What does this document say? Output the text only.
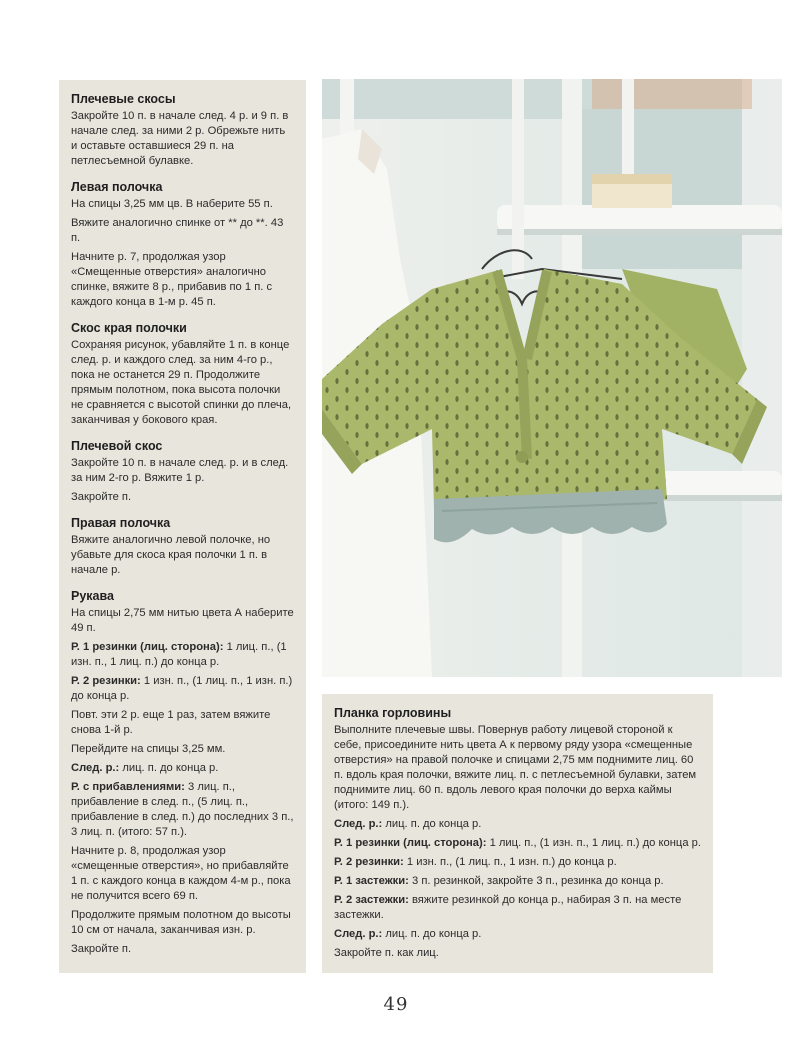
Плечевые скосы
Закройте 10 п. в начале след. 4 р. и 9 п. в начале след. за ними 2 р. Обрежьте нить и оставьте оставшиеся 29 п. на петлесъемной булавке.
Левая полочка
На спицы 3,25 мм цв. В наберите 55 п.
Вяжите аналогично спинке от ** до **. 43 п.
Начните р. 7, продолжая узор «Смещенные отверстия» аналогично спинке, вяжите 8 р., прибавив по 1 п. с каждого конца в 1-м р. 45 п.
Скос края полочки
Сохраняя рисунок, убавляйте 1 п. в конце след. р. и каждого след. за ним 4-го р., пока не останется 29 п. Продолжите прямым полотном, пока высота полочки не сравняется с высотой спинки до плеча, заканчивая у бокового края.
Плечевой скос
Закройте 10 п. в начале след. р. и в след. за ним 2-го р. Вяжите 1 р.
Закройте п.
Правая полочка
Вяжите аналогично левой полочке, но убавьте для скоса края полочки 1 п. в начале р.
Рукава
На спицы 2,75 мм нитью цвета А наберите 49 п.
Р. 1 резинки (лиц. сторона): 1 лиц. п., (1 изн. п., 1 лиц. п.) до конца р.
Р. 2 резинки: 1 изн. п., (1 лиц. п., 1 изн. п.) до конца р.
Повт. эти 2 р. еще 1 раз, затем вяжите снова 1-й р.
Перейдите на спицы 3,25 мм.
След. р.: лиц. п. до конца р.
Р. с прибавлениями: 3 лиц. п., прибавление в след. п., (5 лиц. п., прибавление в след. п.) до последних 3 п., 3 лиц. п. (итого: 57 п.).
Начните р. 8, продолжая узор «смещенные отверстия», но прибавляйте 1 п. с каждого конца в каждом 4-м р., пока не получится всего 69 п.
Продолжите прямым полотном до высоты 10 см от начала, заканчивая изн. р.
Закройте п.
Планка горловины
Выполните плечевые швы. Повернув работу лицевой стороной к себе, присоедините нить цвета А к первому ряду узора «смещенные отверстия» на правой полочке и спицами 2,75 мм поднимите лиц. 60 п. вдоль края полочки, вяжите лиц. п. с петлесъемной булавки, затем поднимите лиц. 60 п. вдоль левого края полочки до верха каймы (итого: 149 п.).
След. р.: лиц. п. до конца р.
Р. 1 резинки (лиц. сторона): 1 лиц. п., (1 изн. п., 1 лиц. п.) до конца р.
Р. 2 резинки: 1 изн. п., (1 лиц. п., 1 изн. п.) до конца р.
Р. 1 застежки: 3 п. резинкой, закройте 3 п., резинка до конца р.
Р. 2 застежки: вяжите резинкой до конца р., набирая 3 п. на месте застежки.
След. р.: лиц. п. до конца р.
Закройте п. как лиц.
49
